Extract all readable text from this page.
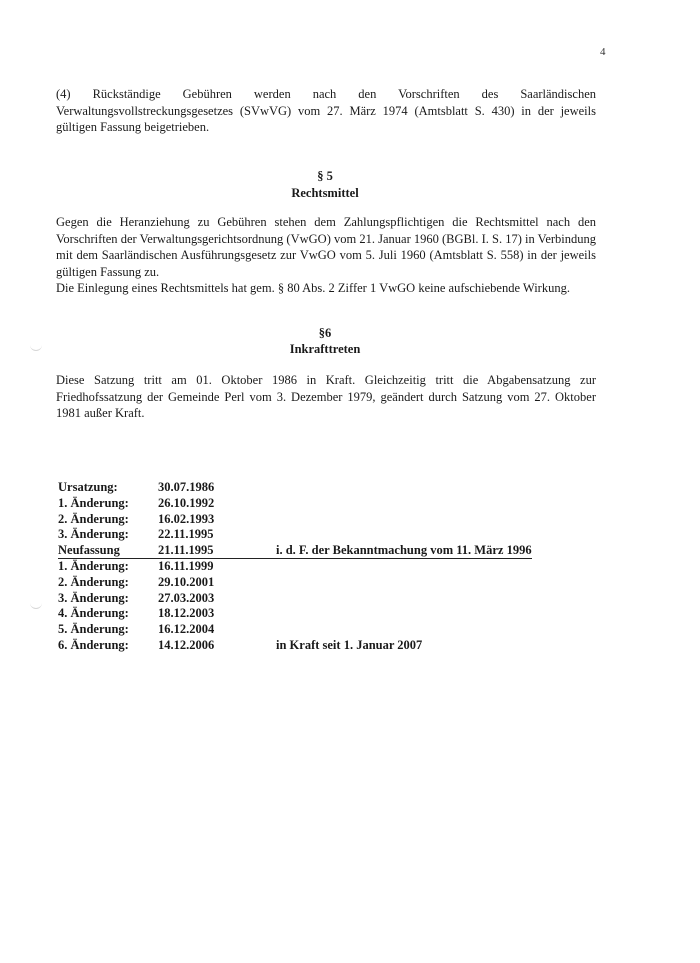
4

(4) Rückständige Gebühren werden nach den Vorschriften des Saarländischen Verwaltungsvollstreckungsgesetzes (SVwVG) vom 27. März 1974 (Amtsblatt S. 430) in der jeweils gültigen Fassung beigetrieben.

§ 5
Rechtsmittel

Gegen die Heranziehung zu Gebühren stehen dem Zahlungspflichtigen die Rechtsmittel nach den Vorschriften der Verwaltungsgerichtsordnung (VwGO) vom 21. Januar 1960 (BGBl. I. S. 17) in Verbindung mit dem Saarländischen Ausführungsgesetz zur VwGO vom 5. Juli 1960 (Amtsblatt S. 558) in der jeweils gültigen Fassung zu.

Die Einlegung eines Rechtsmittels hat gem. § 80 Abs. 2 Ziffer 1 VwGO keine aufschiebende Wirkung.

§6
Inkrafttreten

Diese Satzung tritt am 01. Oktober 1986 in Kraft. Gleichzeitig tritt die Abgabensatzung zur Friedhofssatzung der Gemeinde Perl vom 3. Dezember 1979, geändert durch Satzung vom 27. Oktober 1981 außer Kraft.

Ursatzung:	30.07.1986
1. Änderung:	26.10.1992
2. Änderung:	16.02.1993
3. Änderung:	22.11.1995
Neufassung	21.11.1995	i. d. F. der Bekanntmachung vom 11. März 1996
1. Änderung:	16.11.1999
2. Änderung:	29.10.2001
3. Änderung:	27.03.2003
4. Änderung:	18.12.2003
5. Änderung:	16.12.2004
6. Änderung:	14.12.2006	in Kraft seit 1. Januar 2007
